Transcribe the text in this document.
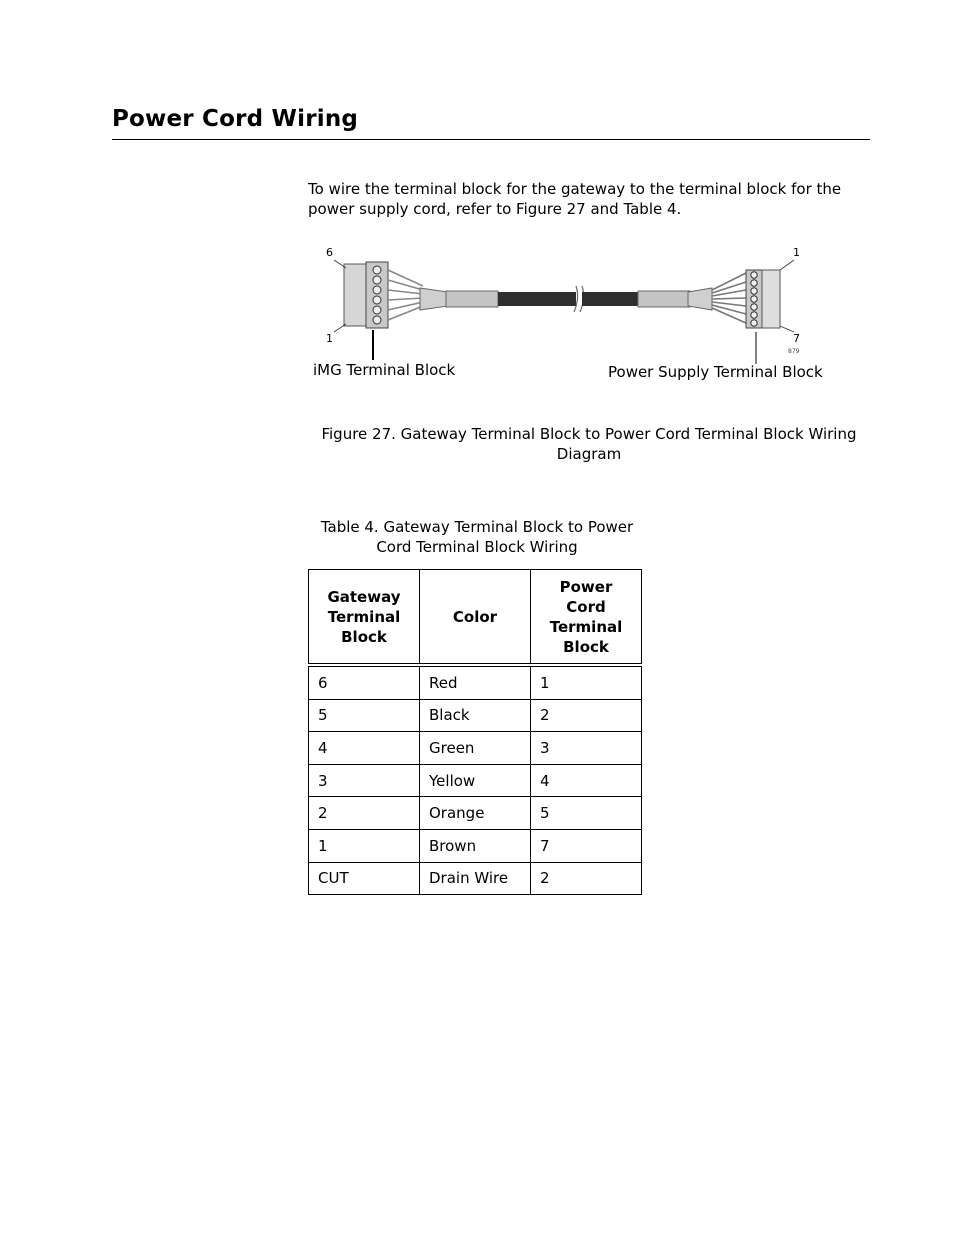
Power Cord Wiring

To wire the terminal block for the gateway to the terminal block for the power supply cord, refer to Figure 27 and Table 4.

6
1
1
7
879
iMG Terminal Block	Power Supply Terminal Block

Figure 27. Gateway Terminal Block to Power Cord Terminal Block Wiring Diagram

Table 4. Gateway Terminal Block to Power Cord Terminal Block Wiring

Gateway Terminal Block	Color	Power Cord Terminal Block
6	Red	1
5	Black	2
4	Green	3
3	Yellow	4
2	Orange	5
1	Brown	7
CUT	Drain Wire	2
